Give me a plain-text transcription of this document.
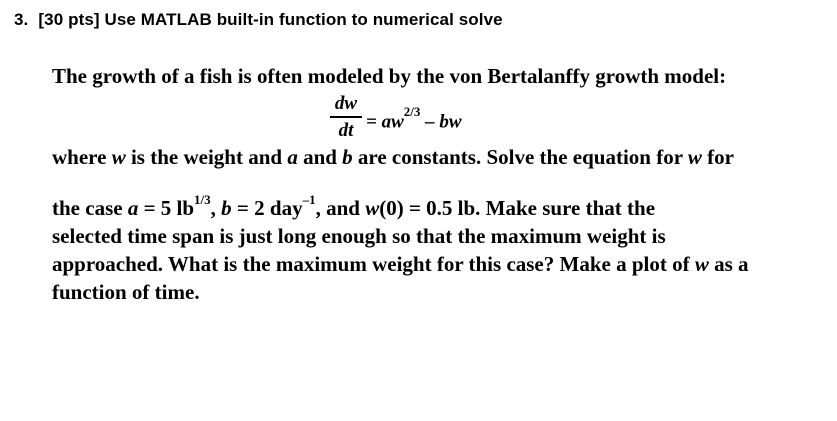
3. [30 pts] Use MATLAB built-in function to numerical solve
The growth of a fish is often modeled by the von Bertalanffy growth model:
dw
dt = $aw^{2/3}$ – bw
where w is the weight and a and b are constants. Solve the equation for w for
the case a = 5 $lb^{1/3}$, b = 2 day$^{-1}$, and w(0) = 0.5 lb. Make sure that the
selected time span is just long enough so that the maximum weight is
approached. What is the maximum weight for this case? Make a plot of w as a
function of time.
